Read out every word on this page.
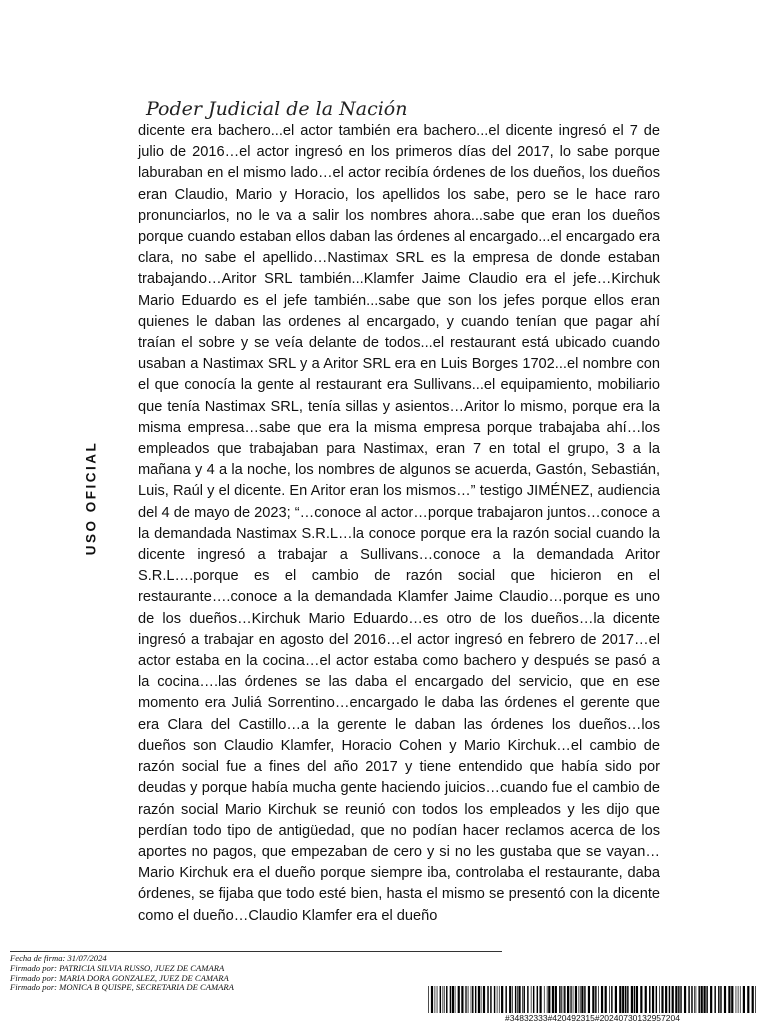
Poder Judicial de la Nación
USO OFICIAL

dicente era bachero...el actor también era bachero...el dicente ingresó el 7 de julio de 2016…el actor ingresó en los primeros días del 2017, lo sabe porque laburaban en el mismo lado…el actor recibía órdenes de los dueños, los dueños eran Claudio, Mario y Horacio, los apellidos los sabe, pero se le hace raro pronunciarlos, no le va a salir los nombres ahora...sabe que eran los dueños porque cuando estaban ellos daban las órdenes al encargado...el encargado era clara, no sabe el apellido…Nastimax SRL es la empresa de donde estaban trabajando…Aritor SRL también...Klamfer Jaime Claudio era el jefe…Kirchuk Mario Eduardo es el jefe también...sabe que son los jefes porque ellos eran quienes le daban las ordenes al encargado, y cuando tenían que pagar ahí traían el sobre y se veía delante de todos...el restaurant está ubicado cuando usaban a Nastimax SRL y a Aritor SRL era en Luis Borges 1702...el nombre con el que conocía la gente al restaurant era Sullivans...el equipamiento, mobiliario que tenía Nastimax SRL, tenía sillas y asientos…Aritor lo mismo, porque era la misma empresa…sabe que era la misma empresa porque trabajaba ahí…los empleados que trabajaban para Nastimax, eran 7 en total el grupo, 3 a la mañana y 4 a la noche, los nombres de algunos se acuerda, Gastón, Sebastián, Luis, Raúl y el dicente. En Aritor eran los mismos…” testigo JIMÉNEZ, audiencia del 4 de mayo de 2023; “…conoce al actor…porque trabajaron juntos…conoce a la demandada Nastimax S.R.L…la conoce porque era la razón social cuando la dicente ingresó a trabajar a Sullivans…conoce a la demandada Aritor S.R.L….porque es el cambio de razón social que hicieron en el restaurante….conoce a la demandada Klamfer Jaime Claudio…porque es uno de los dueños…Kirchuk Mario Eduardo…es otro de los dueños…la dicente ingresó a trabajar en agosto del 2016…el actor ingresó en febrero de 2017…el actor estaba en la cocina…el actor estaba como bachero y después se pasó a la cocina….las órdenes se las daba el encargado del servicio, que en ese momento era Juliá Sorrentino…encargado le daba las órdenes el gerente que era Clara del Castillo…a la gerente le daban las órdenes los dueños…los dueños son Claudio Klamfer, Horacio Cohen y Mario Kirchuk…el cambio de razón social fue a fines del año 2017 y tiene entendido que había sido por deudas y porque había mucha gente haciendo juicios…cuando fue el cambio de razón social Mario Kirchuk se reunió con todos los empleados y les dijo que perdían todo tipo de antigüedad, que no podían hacer reclamos acerca de los aportes no pagos, que empezaban de cero y si no les gustaba que se vayan…Mario Kirchuk era el dueño porque siempre iba, controlaba el restaurante, daba órdenes, se fijaba que todo esté bien, hasta el mismo se presentó con la dicente como el dueño…Claudio Klamfer era el dueño

Fecha de firma: 31/07/2024
Firmado por: PATRICIA SILVIA RUSSO, JUEZ DE CAMARA
Firmado por: MARIA DORA GONZALEZ, JUEZ DE CAMARA
Firmado por: MONICA B QUISPE, SECRETARIA DE CAMARA
#34832333#420492315#20240730132957204
